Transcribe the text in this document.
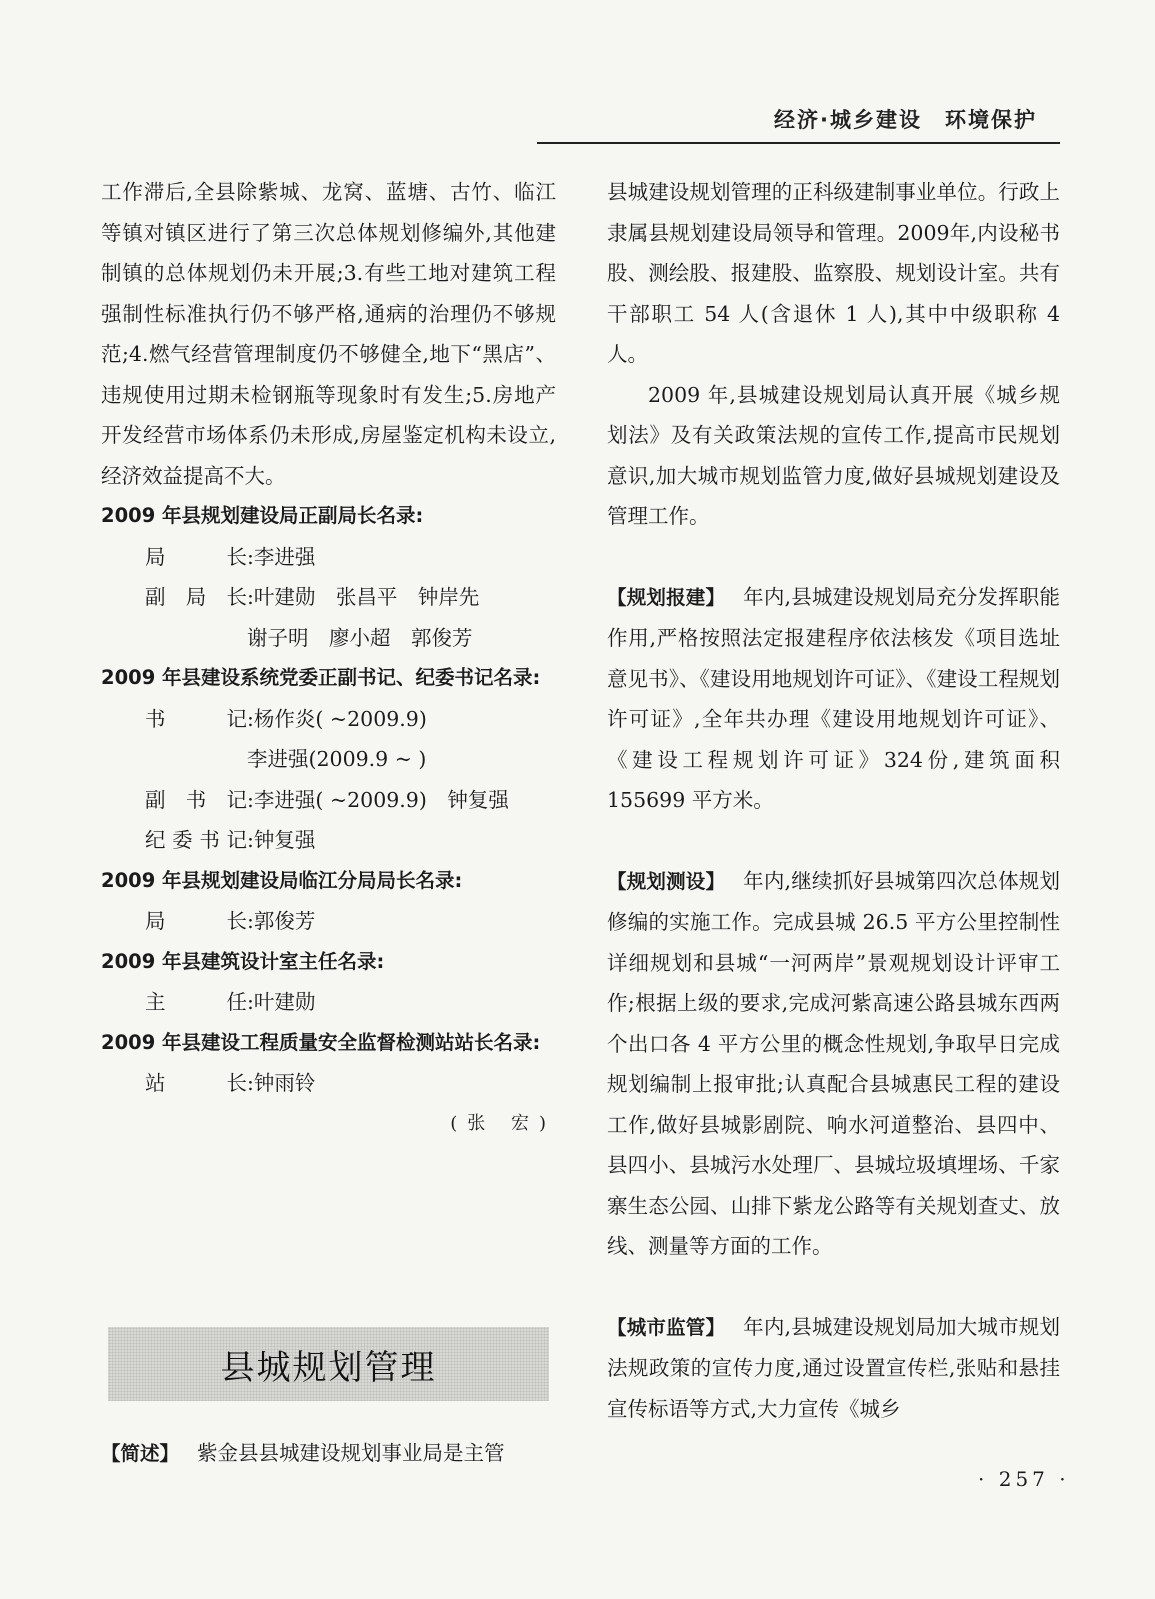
经济·城乡建设　环境保护

工作滞后,全县除紫城、龙窝、蓝塘、古竹、临江等镇对镇区进行了第三次总体规划修编外,其他建制镇的总体规划仍未开展;3.有些工地对建筑工程强制性标准执行仍不够严格,通病的治理仍不够规范;4.燃气经营管理制度仍不够健全,地下“黑店”、违规使用过期未检钢瓶等现象时有发生;5.房地产开发经营市场体系仍未形成,房屋鉴定机构未设立,经济效益提高不大。

2009 年县规划建设局正副局长名录:

局　　长 : 李进强
副 局 长 : 叶建勋　张昌平　钟岸先
谢子明　廖小超　郭俊芳

2009 年县建设系统党委正副书记、纪委书记名录:

书　　记 : 杨作炎( ~2009.9)
李进强(2009.9 ~ )
副 书 记 : 李进强( ~2009.9)　钟复强
纪委书记 : 钟复强

2009 年县规划建设局临江分局局长名录:

局　　长 : 郭俊芳

2009 年县建筑设计室主任名录:

主　　任 : 叶建勋

2009 年县建设工程质量安全监督检测站站长名录:

站　长 : 钟雨铃

(张 宏)

县城规划管理
【简述】 紫金县县城建设规划事业局是主管

县城建设规划管理的正科级建制事业单位。行政上隶属县规划建设局领导和管理。2009年,内设秘书股、测绘股、报建股、监察股、规划设计室。共有干部职工 54 人(含退休 1 人),其中中级职称 4 人。

2009 年,县城建设规划局认真开展《城乡规划法》及有关政策法规的宣传工作,提高市民规划意识,加大城市规划监管力度,做好县城规划建设及管理工作。

【规划报建】 年内,县城建设规划局充分发挥职能作用,严格按照法定报建程序依法核发《项目选址意见书》、《建设用地规划许可证》、《建设工程规划许可证》,全年共办理《建设用地规划许可证》、《建设工程规划许可证》324份,建筑面积 155699 平方米。

【规划测设】 年内,继续抓好县城第四次总体规划修编的实施工作。完成县城 26.5 平方公里控制性详细规划和县城“一河两岸”景观规划设计评审工作;根据上级的要求,完成河紫高速公路县城东西两个出口各 4 平方公里的概念性规划,争取早日完成规划编制上报审批;认真配合县城惠民工程的建设工作,做好县城影剧院、响水河道整治、县四中、县四小、县城污水处理厂、县城垃圾填埋场、千家寨生态公园、山排下紫龙公路等有关规划查丈、放线、测量等方面的工作。

【城市监管】 年内,县城建设规划局加大城市规划法规政策的宣传力度,通过设置宣传栏,张贴和悬挂宣传标语等方式,大力宣传《城乡

· 257 ·
